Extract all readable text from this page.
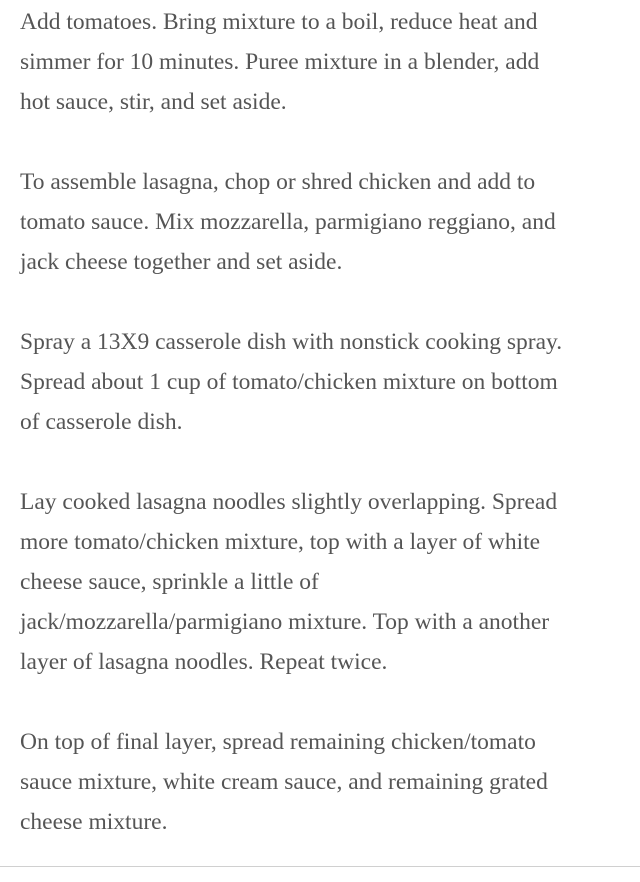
Add tomatoes. Bring mixture to a boil, reduce heat and
simmer for 10 minutes. Puree mixture in a blender, add
hot sauce, stir, and set aside.

To assemble lasagna, chop or shred chicken and add to
tomato sauce. Mix mozzarella, parmigiano reggiano, and
jack cheese together and set aside.

Spray a 13X9 casserole dish with nonstick cooking spray.
Spread about 1 cup of tomato/chicken mixture on bottom
of casserole dish.

Lay cooked lasagna noodles slightly overlapping. Spread
more tomato/chicken mixture, top with a layer of white
cheese sauce, sprinkle a little of
jack/mozzarella/parmigiano mixture. Top with a another
layer of lasagna noodles. Repeat twice.

On top of final layer, spread remaining chicken/tomato
sauce mixture, white cream sauce, and remaining grated
cheese mixture.
